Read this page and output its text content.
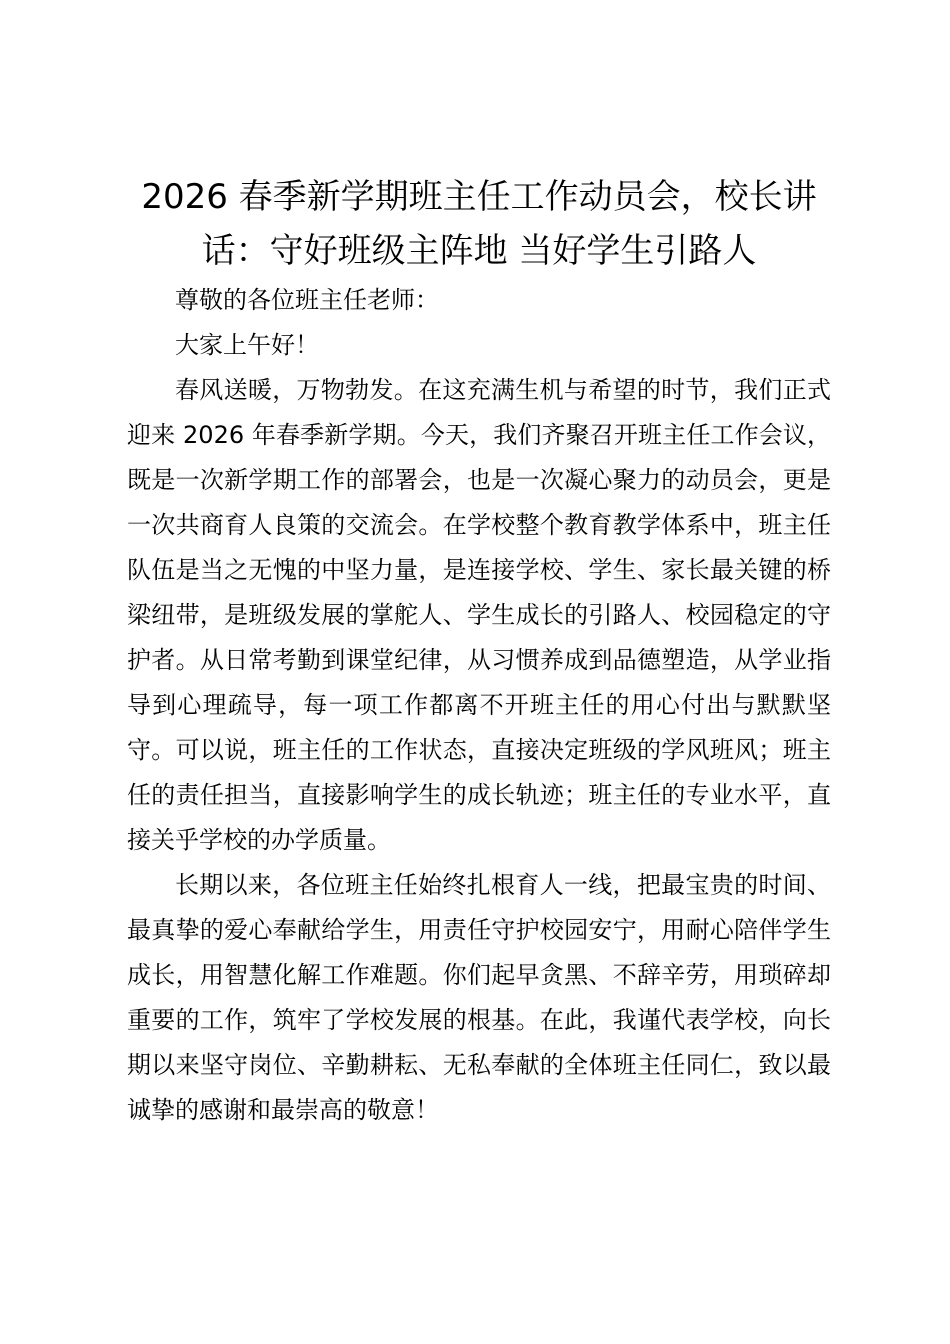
2026 春季新学期班主任工作动员会，校长讲
话：守好班级主阵地 当好学生引路人

尊敬的各位班主任老师：

大家上午好！

春风送暖，万物勃发。在这充满生机与希望的时节，我们正式迎来 2026 年春季新学期。今天，我们齐聚召开班主任工作会议，既是一次新学期工作的部署会，也是一次凝心聚力的动员会，更是一次共商育人良策的交流会。在学校整个教育教学体系中，班主任队伍是当之无愧的中坚力量，是连接学校、学生、家长最关键的桥梁纽带，是班级发展的掌舵人、学生成长的引路人、校园稳定的守护者。从日常考勤到课堂纪律，从习惯养成到品德塑造，从学业指导到心理疏导，每一项工作都离不开班主任的用心付出与默默坚守。可以说，班主任的工作状态，直接决定班级的学风班风；班主任的责任担当，直接影响学生的成长轨迹；班主任的专业水平，直接关乎学校的办学质量。

长期以来，各位班主任始终扎根育人一线，把最宝贵的时间、最真挚的爱心奉献给学生，用责任守护校园安宁，用耐心陪伴学生成长，用智慧化解工作难题。你们起早贪黑、不辞辛劳，用琐碎却重要的工作，筑牢了学校发展的根基。在此，我谨代表学校，向长期以来坚守岗位、辛勤耕耘、无私奉献的全体班主任同仁，致以最诚挚的感谢和最崇高的敬意！
